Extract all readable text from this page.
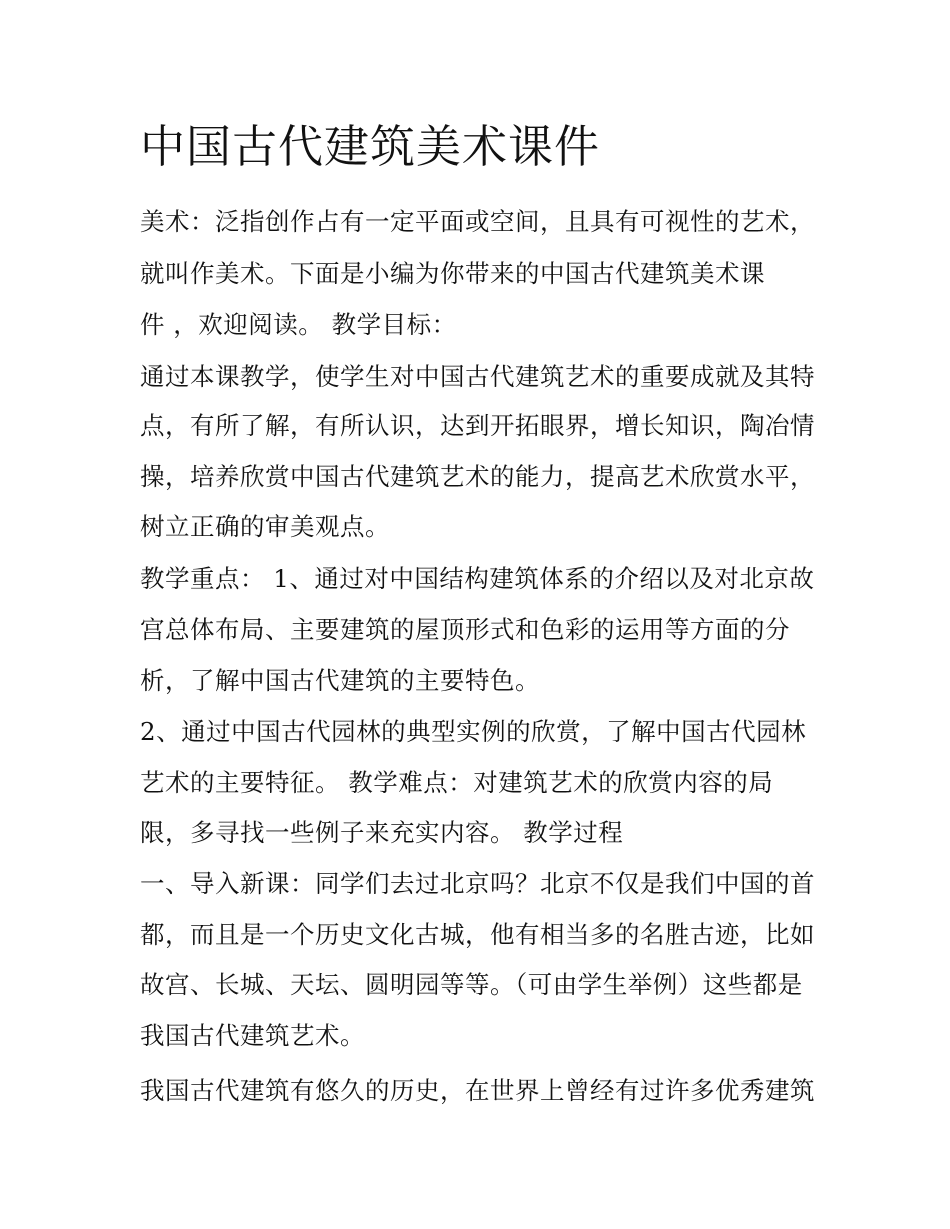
中国古代建筑美术课件
美术：泛指创作占有一定平面或空间，且具有可视性的艺术，
就叫作美术。下面是小编为你带来的中国古代建筑美术课
件 ，欢迎阅读。 教学目标：
通过本课教学，使学生对中国古代建筑艺术的重要成就及其特
点，有所了解，有所认识，达到开拓眼界，增长知识，陶冶情
操，培养欣赏中国古代建筑艺术的能力，提高艺术欣赏水平，
树立正确的审美观点。
教学重点： 1、通过对中国结构建筑体系的介绍以及对北京故
宫总体布局、主要建筑的屋顶形式和色彩的运用等方面的分
析，了解中国古代建筑的主要特色。
2、通过中国古代园林的典型实例的欣赏，了解中国古代园林
艺术的主要特征。 教学难点：对建筑艺术的欣赏内容的局
限，多寻找一些例子来充实内容。 教学过程
一、导入新课：同学们去过北京吗？北京不仅是我们中国的首
都，而且是一个历史文化古城，他有相当多的名胜古迹，比如
故宫、长城、天坛、圆明园等等。（可由学生举例）这些都是
我国古代建筑艺术。
我国古代建筑有悠久的历史，在世界上曾经有过许多优秀建筑
